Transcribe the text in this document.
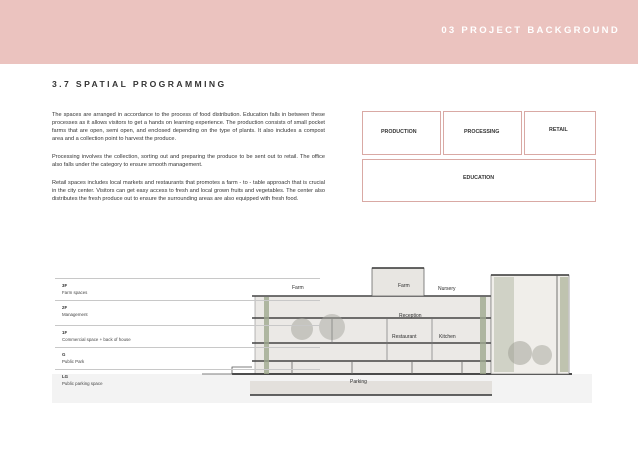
03 PROJECT BACKGROUND
3.7 SPATIAL PROGRAMMING

The spaces are arranged in accordance to the process of food distribution. Education falls in between these processes as it allows visitors to get a hands on learning experience. The production consists of small pocket farms that are open, semi open, and enclosed depending on the type of plants. It also includes a compost area and a collection point to harvest the produce.

Processing involves the collection, sorting out and preparing the produce to be sent out to retail. The office also falls under the category to ensure smooth management.

Retail spaces includes local markets and restaurants that promotes a farm - to - table approach that is crucial in the city center. Visitors can get easy access to fresh and local grown fruits and vegetables. The center also distributes the fresh produce out to ensure the surrounding areas are also equipped with fresh food.

PRODUCTION	PROCESSING	RETAIL
EDUCATION
3F
Farm spaces
2F
Management
1F
Commercial space + back of house
G
Public Park
LG
Public parking space
Farm	Farm	Nursery
Reception
Restaurant	Kitchen
Parking
